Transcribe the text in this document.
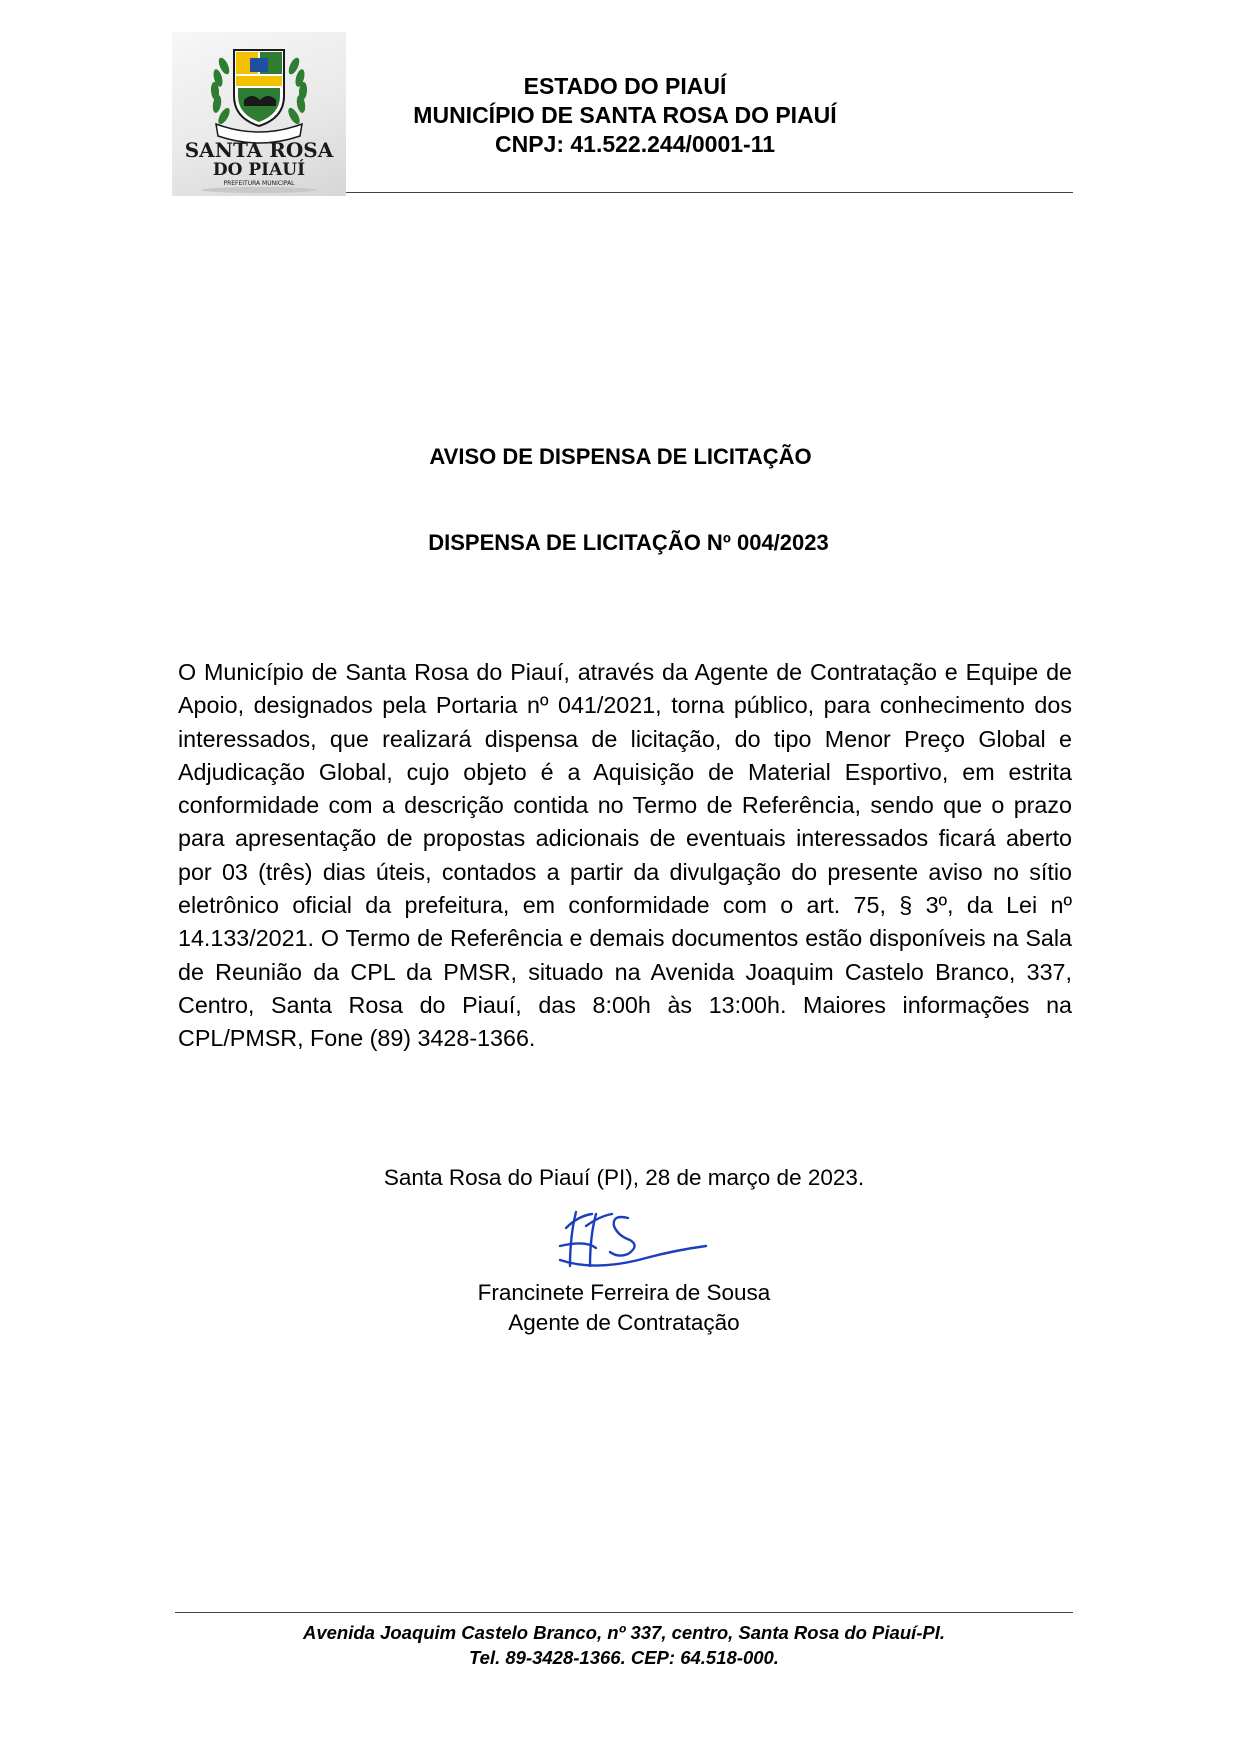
SANTA ROSA
DO PIAUÍ
PREFEITURA MUNICIPAL
ESTADO DO PIAUÍ
MUNICÍPIO DE SANTA ROSA DO PIAUÍ
CNPJ: 41.522.244/0001-11
AVISO DE DISPENSA DE LICITAÇÃO
DISPENSA DE LICITAÇÃO Nº 004/2023

O Município de Santa Rosa do Piauí, através da Agente de Contratação e Equipe de Apoio, designados pela Portaria nº 041/2021, torna público, para conhecimento dos interessados, que realizará dispensa de licitação, do tipo Menor Preço Global e Adjudicação Global, cujo objeto é a Aquisição de Material Esportivo, em estrita conformidade com a descrição contida no Termo de Referência, sendo que o prazo para apresentação de propostas adicionais de eventuais interessados ficará aberto por 03 (três) dias úteis, contados a partir da divulgação do presente aviso no sítio eletrônico oficial da prefeitura, em conformidade com o art. 75, § 3º, da Lei nº 14.133/2021. O Termo de Referência e demais documentos estão disponíveis na Sala de Reunião da CPL da PMSR, situado na Avenida Joaquim Castelo Branco, 337, Centro, Santa Rosa do Piauí, das 8:00h às 13:00h. Maiores informações na CPL/PMSR, Fone (89) 3428-1366.

Santa Rosa do Piauí (PI), 28 de março de 2023.
Francinete Ferreira de Sousa
Agente de Contratação
Avenida Joaquim Castelo Branco, nº 337, centro, Santa Rosa do Piauí-PI.
Tel. 89-3428-1366. CEP: 64.518-000.
